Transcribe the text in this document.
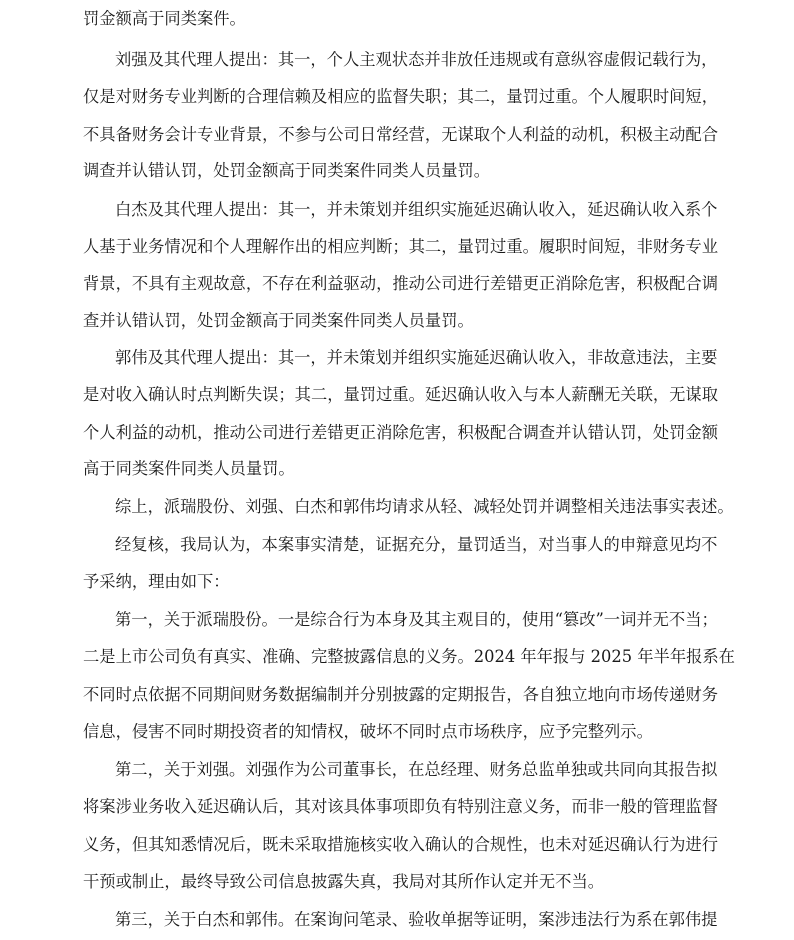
罚金额高于同类案件。
刘强及其代理人提出：其一，个人主观状态并非放任违规或有意纵容虚假记载行为，
仅是对财务专业判断的合理信赖及相应的监督失职；其二，量罚过重。个人履职时间短，
不具备财务会计专业背景，不参与公司日常经营，无谋取个人利益的动机，积极主动配合
调查并认错认罚，处罚金额高于同类案件同类人员量罚。
白杰及其代理人提出：其一，并未策划并组织实施延迟确认收入，延迟确认收入系个
人基于业务情况和个人理解作出的相应判断；其二，量罚过重。履职时间短，非财务专业
背景，不具有主观故意，不存在利益驱动，推动公司进行差错更正消除危害，积极配合调
查并认错认罚，处罚金额高于同类案件同类人员量罚。
郭伟及其代理人提出：其一，并未策划并组织实施延迟确认收入，非故意违法，主要
是对收入确认时点判断失误；其二，量罚过重。延迟确认收入与本人薪酬无关联，无谋取
个人利益的动机，推动公司进行差错更正消除危害，积极配合调查并认错认罚，处罚金额
高于同类案件同类人员量罚。
综上，派瑞股份、刘强、白杰和郭伟均请求从轻、减轻处罚并调整相关违法事实表述。
经复核，我局认为，本案事实清楚，证据充分，量罚适当，对当事人的申辩意见均不
予采纳，理由如下：
第一，关于派瑞股份。一是综合行为本身及其主观目的，使用“篡改”一词并无不当；
二是上市公司负有真实、准确、完整披露信息的义务。2024 年年报与 2025 年半年报系在
不同时点依据不同期间财务数据编制并分别披露的定期报告，各自独立地向市场传递财务
信息，侵害不同时期投资者的知情权，破坏不同时点市场秩序，应予完整列示。
第二，关于刘强。刘强作为公司董事长，在总经理、财务总监单独或共同向其报告拟
将案涉业务收入延迟确认后，其对该具体事项即负有特别注意义务，而非一般的管理监督
义务，但其知悉情况后，既未采取措施核实收入确认的合规性，也未对延迟确认行为进行
干预或制止，最终导致公司信息披露失真，我局对其所作认定并无不当。
第三，关于白杰和郭伟。在案询问笔录、验收单据等证明，案涉违法行为系在郭伟提
